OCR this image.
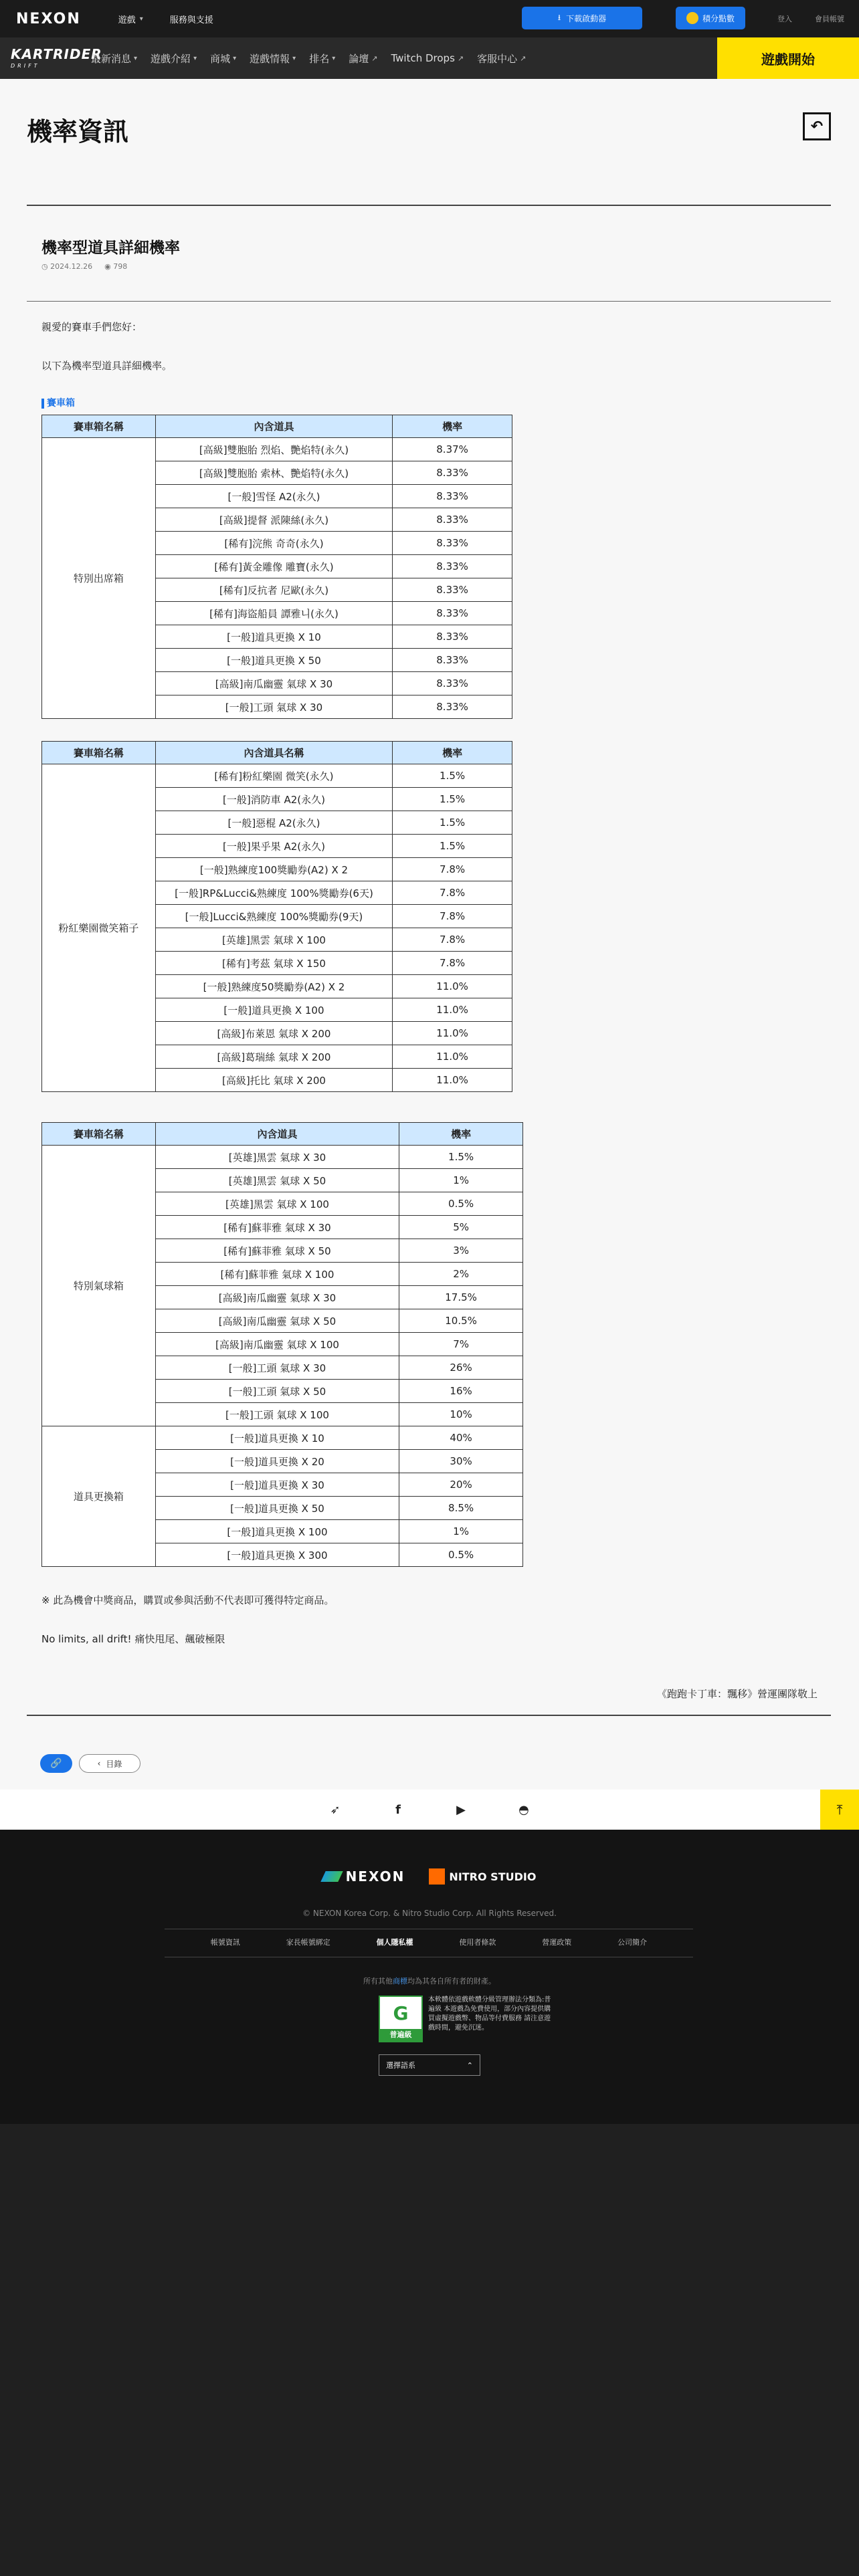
NEXON	遊戲 ▾	服務與支援	⭳ 下載啟動器	積分點數	登入	會員帳號
KARTRIDER
DRIFT
最新消息 ▾ 遊戲介紹 ▾ 商城 ▾ 遊戲情報 ▾ 排名 ▾ 論壇 ↗ Twitch Drops ↗ 客服中心 ↗	遊戲開始
機率資訊	↶
機率型道具詳細機率
◷ 2024.12.26 ◉ 798
親愛的賽車手們您好：
以下為機率型道具詳細機率。
賽車箱
賽車箱名稱	內含道具	機率
特別出席箱	[高級]雙胞胎 烈焰、艷焰特(永久)	8.37%
	[高級]雙胞胎 索林、艷焰特(永久)	8.33%
	[一般]雪怪 A2(永久)	8.33%
	[高級]提督 派陳絲(永久)	8.33%
	[稀有]浣熊 奇奇(永久)	8.33%
	[稀有]黃金雕像 雕寶(永久)	8.33%
	[稀有]反抗者 尼歐(永久)	8.33%
	[稀有]海盜船員 譚雅니(永久)	8.33%
	[一般]道具更換 X 10	8.33%
	[一般]道具更換 X 50	8.33%
	[高級]南瓜幽靈 氣球 X 30	8.33%
	[一般]工頭 氣球 X 30	8.33%
賽車箱名稱	內含道具名稱	機率
粉紅樂園微笑箱子	[稀有]粉紅樂園 微笑(永久)	1.5%
	[一般]消防車 A2(永久)	1.5%
	[一般]惡棍 A2(永久)	1.5%
	[一般]果乎果 A2(永久)	1.5%
	[一般]熟練度100獎勵券(A2) X 2	7.8%
	[一般]RP&Lucci&熟練度 100%獎勵券(6天)	7.8%
	[一般]Lucci&熟練度 100%獎勵券(9天)	7.8%
	[英雄]黑雲 氣球 X 100	7.8%
	[稀有]考茲 氣球 X 150	7.8%
	[一般]熟練度50獎勵券(A2) X 2	11.0%
	[一般]道具更換 X 100	11.0%
	[高級]布萊恩 氣球 X 200	11.0%
	[高級]葛瑞絲 氣球 X 200	11.0%
	[高級]托比 氣球 X 200	11.0%
賽車箱名稱	內含道具	機率
特別氣球箱	[英雄]黑雲 氣球 X 30	1.5%
	[英雄]黑雲 氣球 X 50	1%
	[英雄]黑雲 氣球 X 100	0.5%
	[稀有]蘇菲雅 氣球 X 30	5%
	[稀有]蘇菲雅 氣球 X 50	3%
	[稀有]蘇菲雅 氣球 X 100	2%
	[高級]南瓜幽靈 氣球 X 30	17.5%
	[高級]南瓜幽靈 氣球 X 50	10.5%
	[高級]南瓜幽靈 氣球 X 100	7%
	[一般]工頭 氣球 X 30	26%
	[一般]工頭 氣球 X 50	16%
	[一般]工頭 氣球 X 100	10%
道具更換箱	[一般]道具更換 X 10	40%
	[一般]道具更換 X 20	30%
	[一般]道具更換 X 30	20%
	[一般]道具更換 X 50	8.5%
	[一般]道具更換 X 100	1%
	[一般]道具更換 X 300	0.5%
※ 此為機會中獎商品，購買或參與活動不代表即可獲得特定商品。
No limits, all drift! 痛快甩尾、飆破極限
《跑跑卡丁車：飄移》營運團隊敬上
🔗	‹ 目錄
➶	f	▶	◓	⤒
NEXON	NITRO STUDIO
© NEXON Korea Corp. & Nitro Studio Corp. All Rights Reserved.
帳號資訊	家長帳號綁定	個人隱私權	使用者條款	營運政策	公司簡介
所有其他商標均為其各自所有者的財產。
G
普遍級
本軟體依遊戲軟體分級管理辦法分類為:普遍級 本遊戲為免費使用，部分內容提供購買虛擬遊戲幣、物品等付費服務 請注意遊戲時間，避免沉迷。
選擇語系	⌃
